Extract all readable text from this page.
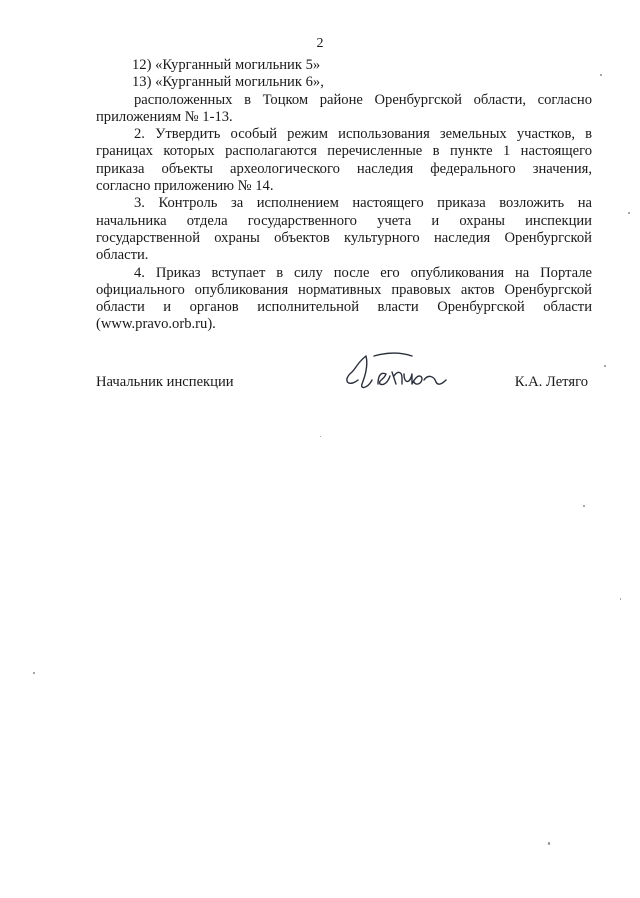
2
12) «Курганный могильник 5»
13) «Курганный могильник 6»,
расположенных в Тоцком районе Оренбургской области, согласно
приложениям № 1-13.
2. Утвердить особый режим использования земельных участков, в
границах которых располагаются перечисленные в пункте 1 настоящего
приказа объекты археологического наследия федерального значения,
согласно приложению № 14.
3. Контроль за исполнением настоящего приказа возложить на
начальника отдела государственного учета и охраны инспекции
государственной охраны объектов культурного наследия Оренбургской
области.
4. Приказ вступает в силу после его опубликования на Портале
официального опубликования нормативных правовых актов Оренбургской
области и органов исполнительной власти Оренбургской области
(www.pravo.orb.ru).
Начальник инспекции	К.А. Летяго
